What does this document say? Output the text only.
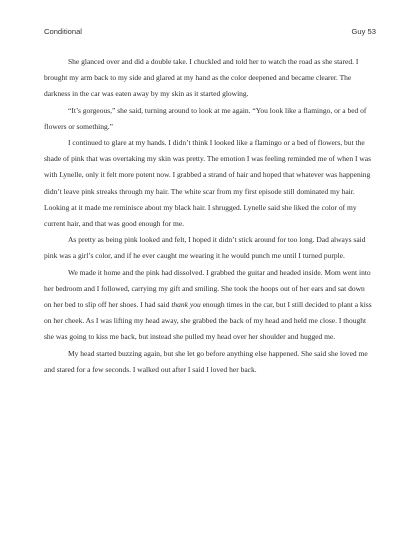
Conditional	Guy 53

She glanced over and did a double take. I chuckled and told her to watch the road as she stared. I brought my arm back to my side and glared at my hand as the color deepened and became clearer. The darkness in the car was eaten away by my skin as it started glowing.

“It’s gorgeous,” she said, turning around to look at me again. “You look like a flamingo, or a bed of flowers or something.”

I continued to glare at my hands. I didn’t think I looked like a flamingo or a bed of flowers, but the shade of pink that was overtaking my skin was pretty. The emotion I was feeling reminded me of when I was with Lynelle, only it felt more potent now. I grabbed a strand of hair and hoped that whatever was happening didn’t leave pink streaks through my hair. The white scar from my first episode still dominated my hair. Looking at it made me reminisce about my black hair. I shrugged. Lynelle said she liked the color of my current hair, and that was good enough for me.

As pretty as being pink looked and felt, I hoped it didn’t stick around for too long. Dad always said pink was a girl’s color, and if he ever caught me wearing it he would punch me until I turned purple.

We made it home and the pink had dissolved. I grabbed the guitar and headed inside. Mom went into her bedroom and I followed, carrying my gift and smiling. She took the hoops out of her ears and sat down on her bed to slip off her shoes. I had said thank you enough times in the car, but I still decided to plant a kiss on her cheek. As I was lifting my head away, she grabbed the back of my head and held me close. I thought she was going to kiss me back, but instead she pulled my head over her shoulder and hugged me.

My head started buzzing again, but she let go before anything else happened. She said she loved me and stared for a few seconds. I walked out after I said I loved her back.
